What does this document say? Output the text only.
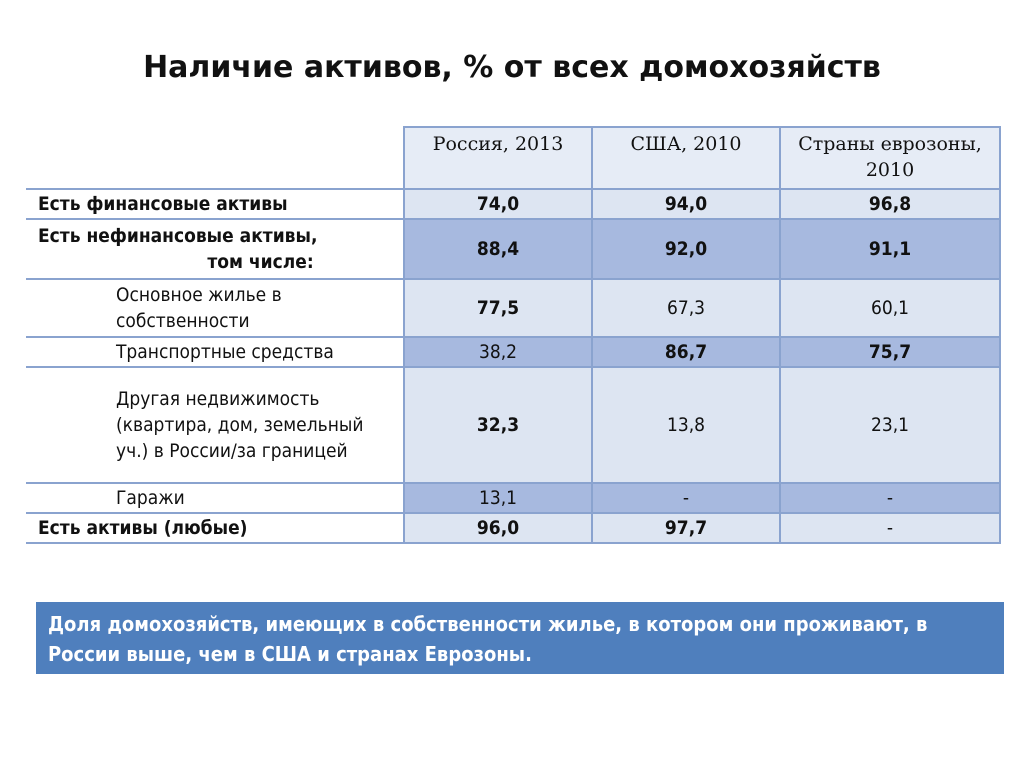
Наличие активов, % от всех домохозяйств
	Россия, 2013	США, 2010	Страны еврозоны, 2010
Есть финансовые активы	74,0	94,0	96,8
Есть нефинансовые активы,

том числе:	88,4	92,0	91,1
Основное жилье в собственности	77,5	67,3	60,1
Транспортные средства	38,2	86,7	75,7
Другая недвижимость (квартира, дом, земельный уч.) в России/за границей	32,3	13,8	23,1
Гаражи	13,1	-	-
Есть активы (любые)	96,0	97,7	-
Доля домохозяйств, имеющих в собственности жилье, в котором они проживают, в России выше, чем в США и странах Еврозоны.
